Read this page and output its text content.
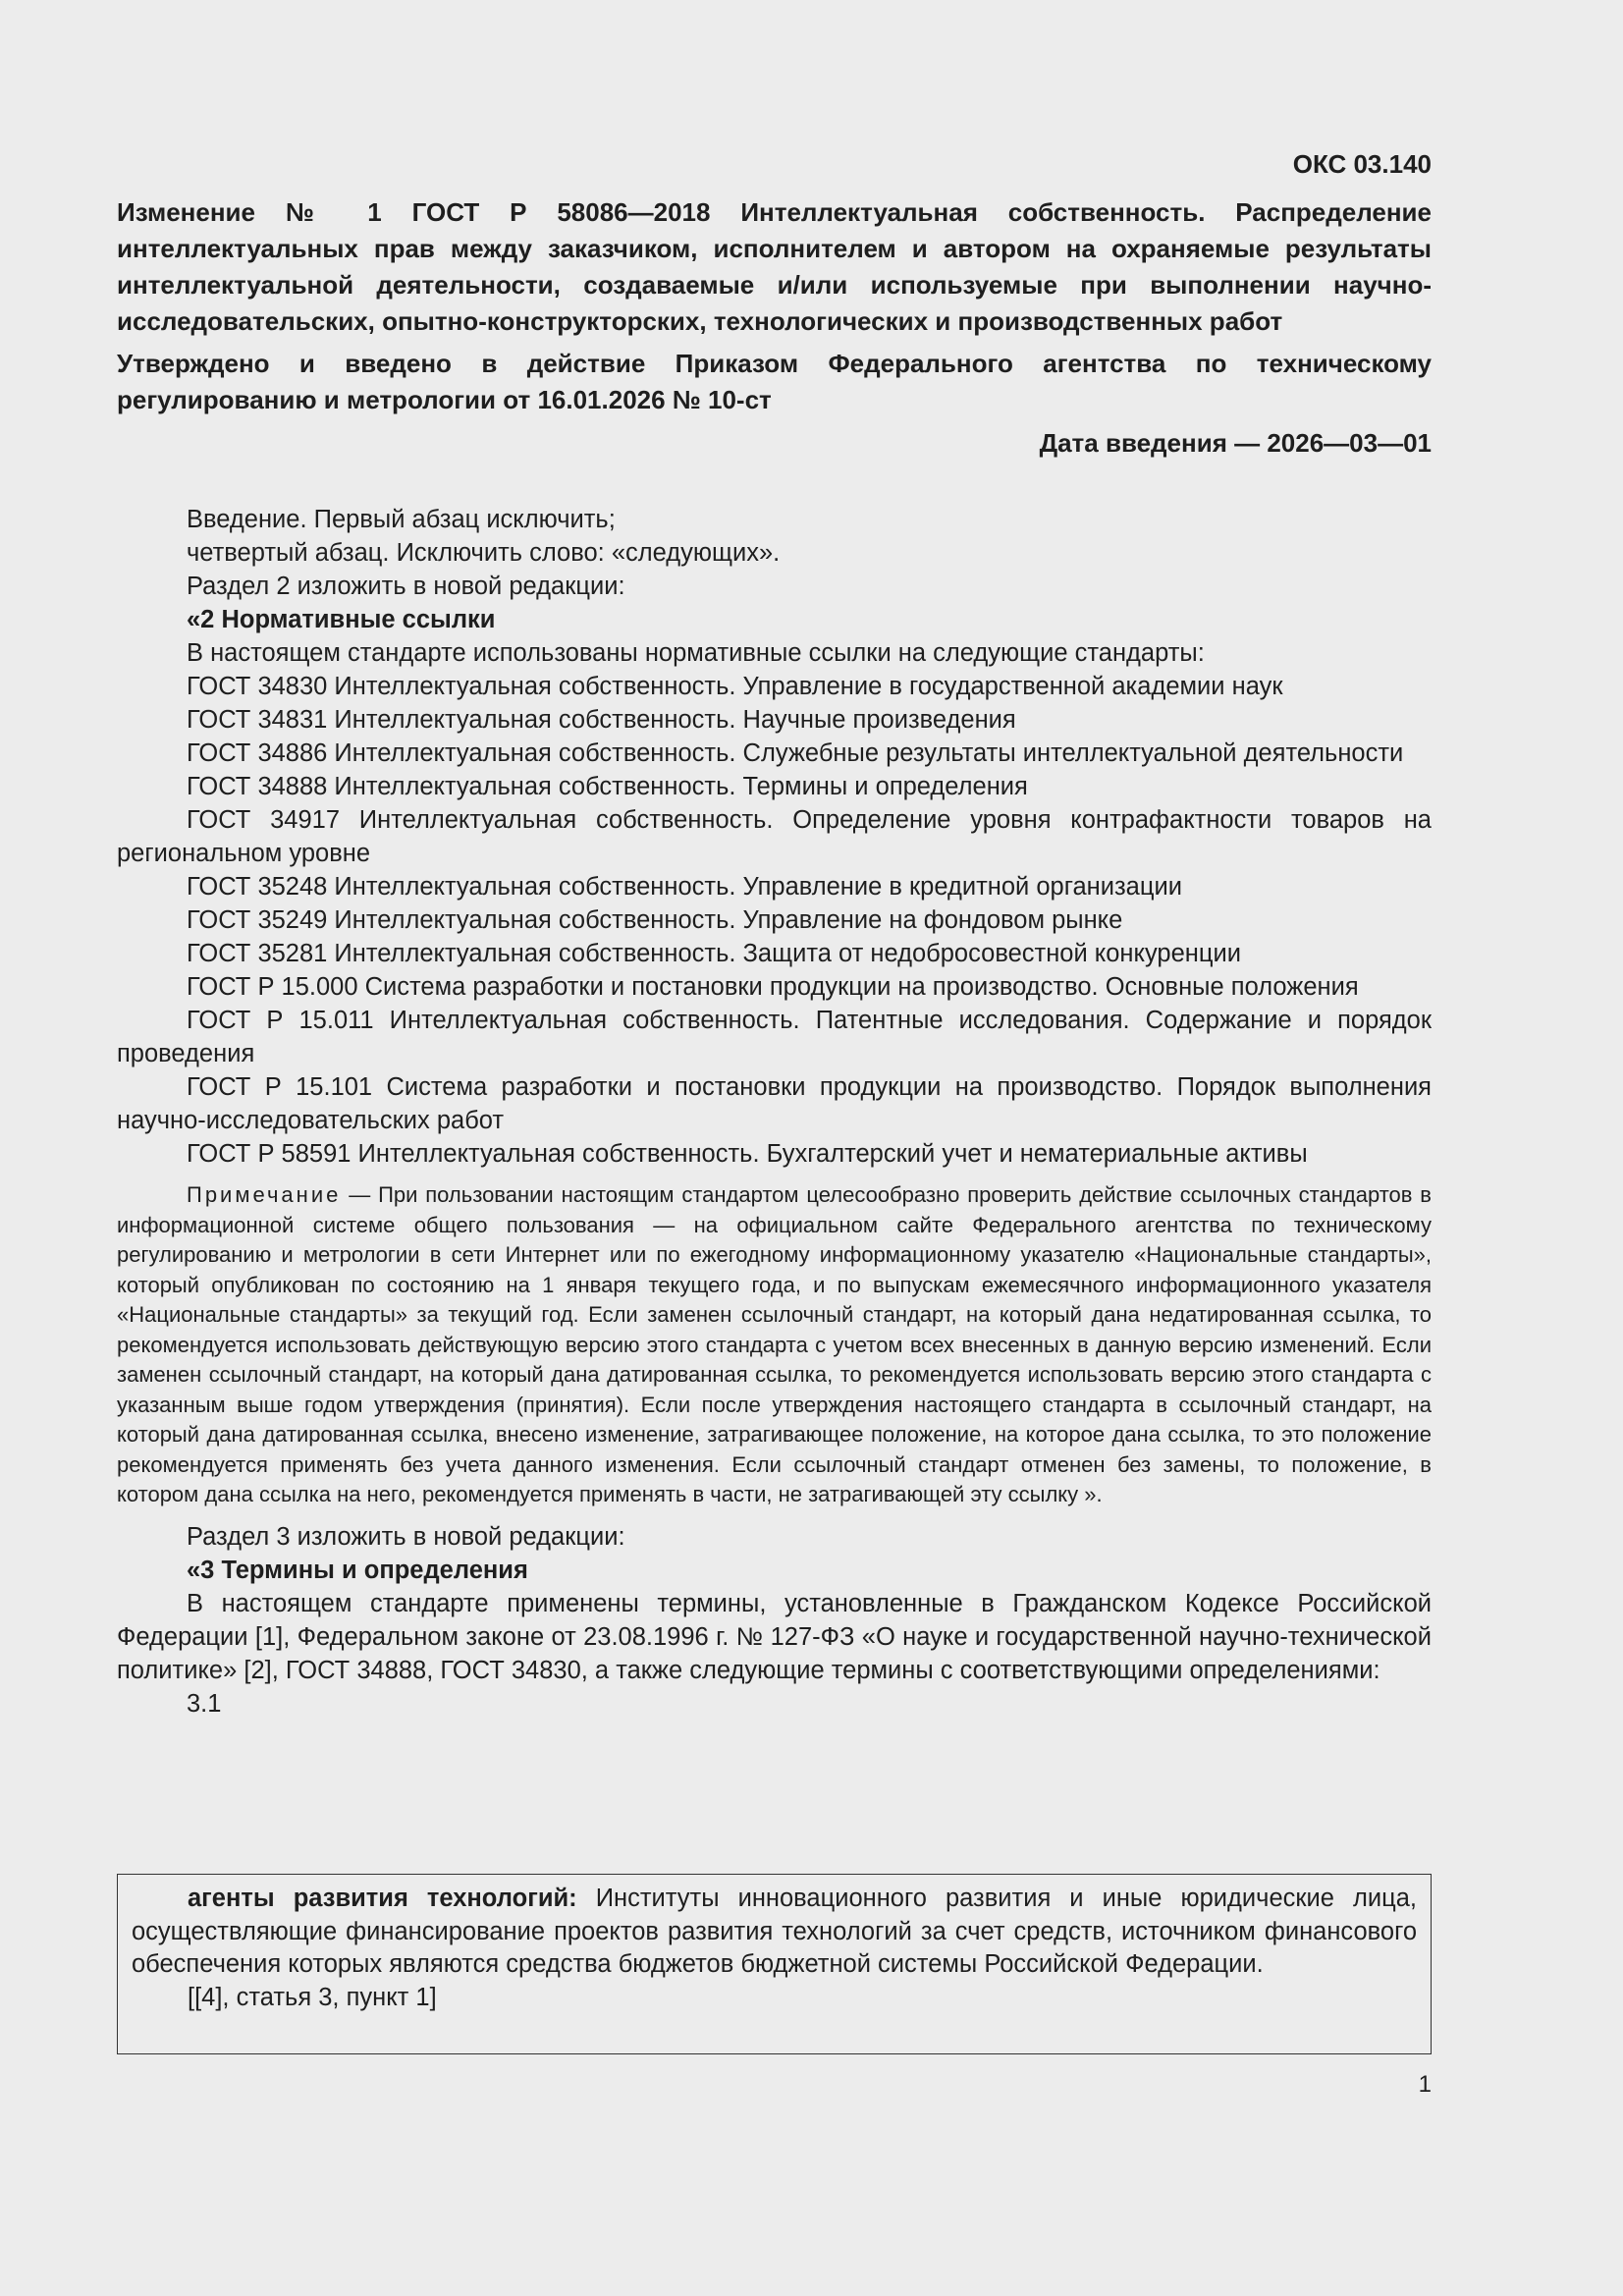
ОКС 03.140
Изменение № 1 ГОСТ Р 58086—2018 Интеллектуальная собственность. Распределение интеллектуальных прав между заказчиком, исполнителем и автором на охраняемые результаты интеллектуальной деятельности, создаваемые и/или используемые при выполнении научно-исследовательских, опытно-конструкторских, технологических и производственных работ
Утверждено и введено в действие Приказом Федерального агентства по техническому регулированию и метрологии от 16.01.2026 № 10-ст
Дата введения — 2026—03—01

Введение. Первый абзац исключить;

четвертый абзац. Исключить слово: «следующих».

Раздел 2 изложить в новой редакции:

«2 Нормативные ссылки

В настоящем стандарте использованы нормативные ссылки на следующие стандарты:

ГОСТ 34830 Интеллектуальная собственность. Управление в государственной академии наук

ГОСТ 34831 Интеллектуальная собственность. Научные произведения

ГОСТ 34886 Интеллектуальная собственность. Служебные результаты интеллектуальной деятельности

ГОСТ 34888 Интеллектуальная собственность. Термины и определения

ГОСТ 34917 Интеллектуальная собственность. Определение уровня контрафактности товаров на региональном уровне

ГОСТ 35248 Интеллектуальная собственность. Управление в кредитной организации

ГОСТ 35249 Интеллектуальная собственность. Управление на фондовом рынке

ГОСТ 35281 Интеллектуальная собственность. Защита от недобросовестной конкуренции

ГОСТ Р 15.000 Система разработки и постановки продукции на производство. Основные положения

ГОСТ Р 15.011 Интеллектуальная собственность. Патентные исследования. Содержание и порядок проведения

ГОСТ Р 15.101 Система разработки и постановки продукции на производство. Порядок выполнения научно-исследовательских работ

ГОСТ Р 58591 Интеллектуальная собственность. Бухгалтерский учет и нематериальные активы

Примечание — При пользовании настоящим стандартом целесообразно проверить действие ссылочных стандартов в информационной системе общего пользования — на официальном сайте Федерального агентства по техническому регулированию и метрологии в сети Интернет или по ежегодному информационному указателю «Национальные стандарты», который опубликован по состоянию на 1 января текущего года, и по выпускам ежемесячного информационного указателя «Национальные стандарты» за текущий год. Если заменен ссылочный стандарт, на который дана недатированная ссылка, то рекомендуется использовать действующую версию этого стандарта с учетом всех внесенных в данную версию изменений. Если заменен ссылочный стандарт, на который дана датированная ссылка, то рекомендуется использовать версию этого стандарта с указанным выше годом утверждения (принятия). Если после утверждения настоящего стандарта в ссылочный стандарт, на который дана датированная ссылка, внесено изменение, затрагивающее положение, на которое дана ссылка, то это положение рекомендуется применять без учета данного изменения. Если ссылочный стандарт отменен без замены, то положение, в котором дана ссылка на него, рекомендуется применять в части, не затрагивающей эту ссылку ».

Раздел 3 изложить в новой редакции:

«3 Термины и определения

В настоящем стандарте применены термины, установленные в Гражданском Кодексе Российской Федерации [1], Федеральном законе от 23.08.1996 г. № 127-ФЗ «О науке и государственной научно-технической политике» [2], ГОСТ 34888, ГОСТ 34830, а также следующие термины с соответствующими определениями:

3.1

агенты развития технологий: Институты инновационного развития и иные юридические лица, осуществляющие финансирование проектов развития технологий за счет средств, источником финансового обеспечения которых являются средства бюджетов бюджетной системы Российской Федерации.

[[4], статья 3, пункт 1]

1
